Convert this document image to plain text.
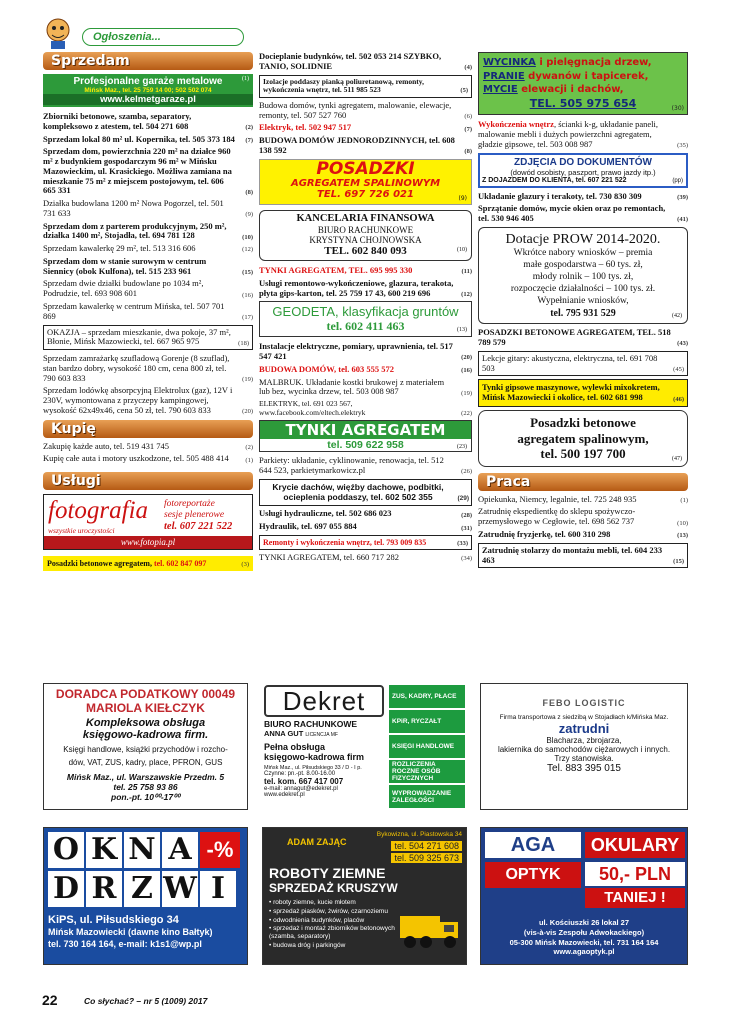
Ogłoszenia...
Sprzedam
Profesjonalne garaże metalowe	(1)
Mińsk Maz., tel. 25 759 14 00; 502 502 074
www.kelmetgaraze.pl
Zbiorniki betonowe, szamba, separatory, kompleksowo z atestem, tel. 504 271 608	(2)
Sprzedam lokal 80 m² ul. Kopernika, tel. 505 373 184 (7)
Sprzedam dom, powierzchnia 220 m² na działce 960 m² z budynkiem gospodarczym 96 m² w Mińsku Mazowieckim, ul. Krasickiego. Możliwa zamiana na mieszkanie 75 m² z miejscem postojowym, tel. 606 665 331	(8)
Działka budowlana 1200 m² Nowa Pogorzel, tel. 501 731 633	(9)
Sprzedam dom z parterem produkcyjnym, 250 m², działka 1400 m², Stojadła, tel. 694 781 128	(10)
Sprzedam kawalerkę 29 m², tel. 513 316 606	(12)
Sprzedam dom w stanie surowym w centrum Siennicy (obok Kulfona), tel. 515 233 961	(15)
Sprzedam dwie działki budowlane po 1034 m², Podrudzie, tel. 693 908 601	(16)
Sprzedam kawalerkę w centrum Mińska, tel. 507 701 869	(17)
OKAZJA – sprzedam mieszkanie, dwa pokoje, 37 m², Błonie, Mińsk Mazowiecki, tel. 667 965 975	(18)
Sprzedam zamrażarkę szufladową Gorenje (8 szuflad), stan bardzo dobry, wysokość 180 cm, cena 800 zł, tel. 790 603 833	(19)
Sprzedam lodówkę absorpcyjną Elektrolux (gaz), 12V i 230V, wymontowana z przyczepy kampingowej, wysokość 62x49x46, cena 50 zł, tel. 790 603 833	(20)
Kupię
Zakupię każde auto, tel. 519 431 745	(2)
Kupię całe auta i motory uszkodzone, tel. 505 488 414	(1)
Usługi
fotografia
wszystkie uroczystości
fotoreportaże
sesje plenerowe
tel. 607 221 522
www.fotopia.pl
Posadzki betonowe agregatem, tel. 602 847 097	(3)
Docieplanie budynków, tel. 502 053 214 SZYBKO, TANIO, SOLIDNIE	(4)
Izolacje poddaszy pianką poliuretanową, remonty, wykończenia wnętrz, tel. 511 985 523	(5)
Budowa domów, tynki agregatem, malowanie, elewacje, remonty, tel. 507 527 760	(6)
Elektryk, tel. 502 947 517	(7)
BUDOWA DOMÓW JEDNORODZINNYCH, tel. 608 138 592	(8)
POSADZKI
AGREGATEM SPALINOWYM
TEL. 697 726 021	(9)
KANCELARIA FINANSOWA
BIURO RACHUNKOWE
KRYSTYNA CHOJNOWSKA
TEL. 602 840 093	(10)
TYNKI AGREGATEM, TEL. 695 995 330	(11)
Usługi remontowo-wykończeniowe, glazura, terakota, płyta gips-karton, tel. 25 759 17 43, 600 219 696	(12)
GEODETA, klasyfikacja gruntów
tel. 602 411 463	(13)
Instalacje elektryczne, pomiary, uprawnienia, tel. 517 547 421	(20)
BUDOWA DOMÓW, tel. 603 555 572	(16)
MALBRUK. Układanie kostki brukowej z materiałem lub bez, wycinka drzew, tel. 503 008 987	(19)
ELEKTRYK, tel. 691 023 567, www.facebook.com/eltech.elektryk	(22)
TYNKI AGREGATEM
tel. 509 622 958	(23)
Parkiety: układanie, cyklinowanie, renowacja, tel. 512 644 523, parkietymarkowicz.pl	(26)
Krycie dachów, więźby dachowe, podbitki, ocieplenia poddaszy, tel. 602 502 355	(29)
Usługi hydrauliczne, tel. 502 686 023	(28)
Hydraulik, tel. 697 055 884	(31)
Remonty i wykończenia wnętrz, tel. 793 009 835	(33)
TYNKI AGREGATEM, tel. 660 717 282	(34)
WYCINKA i pielęgnacja drzew,
PRANIE dywanów i tapicerek,
MYCIE elewacji i dachów,
TEL. 505 975 654	(30)
Wykończenia wnętrz, ścianki k-g, układanie paneli, malowanie mebli i dużych powierzchni agregatem, gładzie gipsowe, tel. 503 008 987	(35)
ZDJĘCIA DO DOKUMENTÓW
(dowód osobisty, paszport, prawo jazdy itp.)
Z DOJAZDEM DO KLIENTA, tel. 607 221 522	(pp)
Układanie glazury i terakoty, tel. 730 830 309	(39)
Sprzątanie domów, mycie okien oraz po remontach, tel. 530 946 405	(41)
Dotacje PROW 2014-2020.
Wkrótce nabory wniosków – premia
małe gospodarstwa – 60 tys. zł,
młody rolnik – 100 tys. zł,
rozpoczęcie działalności – 100 tys. zł.
Wypełnianie wniosków,
tel. 795 931 529	(42)
POSADZKI BETONOWE AGREGATEM, TEL. 518 789 579	(43)
Lekcje gitary: akustyczna, elektryczna, tel. 691 708 503	(45)
Tynki gipsowe maszynowe, wylewki mixokretem, Mińsk Mazowiecki i okolice, tel. 602 681 998	(46)
Posadzki betonowe
agregatem spalinowym,
tel. 500 197 700	(47)
Praca
Opiekunka, Niemcy, legalnie, tel. 725 248 935	(1)
Zatrudnię ekspedientkę do sklepu spożywczo-przemysłowego w Cegłowie, tel. 698 562 737	(10)
Zatrudnię fryzjerkę, tel. 600 310 298	(13)
Zatrudnię stolarzy do montażu mebli, tel. 604 233 463	(15)
DORADCA PODATKOWY 00049
MARIOLA KIEŁCZYK
Kompleksowa obsługa
księgowo-kadrowa firm.
Księgi handlowe, książki przychodów i rozcho-
dów, VAT, ZUS, kadry, place, PFRON, GUS
Mińsk Maz., ul. Warszawskie Przedm. 5
tel. 25 758 93 86
pon.-pt. 10⁰⁰-17⁰⁰
Dekret
BIURO RACHUNKOWE
ANNA GUT LICENCJA MF
Pełna obsługa
księgowo-kadrowa firm
Mińsk Maz., ul. Piłsudskiego 33 / D - I p.
Czynne: pn.-pt. 8.00-16.00
tel. kom. 667 417 007
e-mail: annagut@edekret.pl
www.edekret.pl
ZUS, KADRY, PŁACE
KPiR, RYCZAŁT
KSIĘGI HANDLOWE
ROZLICZENIA ROCZNE OSÓB FIZYCZNYCH
WYPROWADZANIE ZALEGŁOŚCI
FEBO LOGISTIC
Firma transportowa z siedzibą w Stojadłach k/Mińska Maz.
zatrudni
Blacharza, zbrojarza,
lakiernika do samochodów ciężarowych i innych.
Trzy stanowiska.
Tel. 883 395 015
O K N A -%
D R Z W I
KiPS, ul. Piłsudskiego 34
Mińsk Mazowiecki (dawne kino Bałtyk)
tel. 730 164 164, e-mail: k1s1@wp.pl
ADAM ZAJĄC
Bykowizna, ul. Piastowska 34
tel. 504 271 608
tel. 509 325 673
ROBOTY ZIEMNE
SPRZEDAŻ KRUSZYW
• roboty ziemne, kucie młotem
• sprzedaż piasków, żwirów, czarnoziemu
• odwodnienia budynków, placów
• sprzedaż i montaż zbiorników betonowych (szamba, separatory)
• budowa dróg i parkingów
AGA	OKULARY
OPTYK	50,- PLN
TANIEJ !
ul. Kościuszki 26 lokal 27
(vis-à-vis Zespołu Adwokackiego)
05-300 Mińsk Mazowiecki, tel. 731 164 164
www.agaoptyk.pl
22	Co słychać? – nr 5 (1009) 2017
